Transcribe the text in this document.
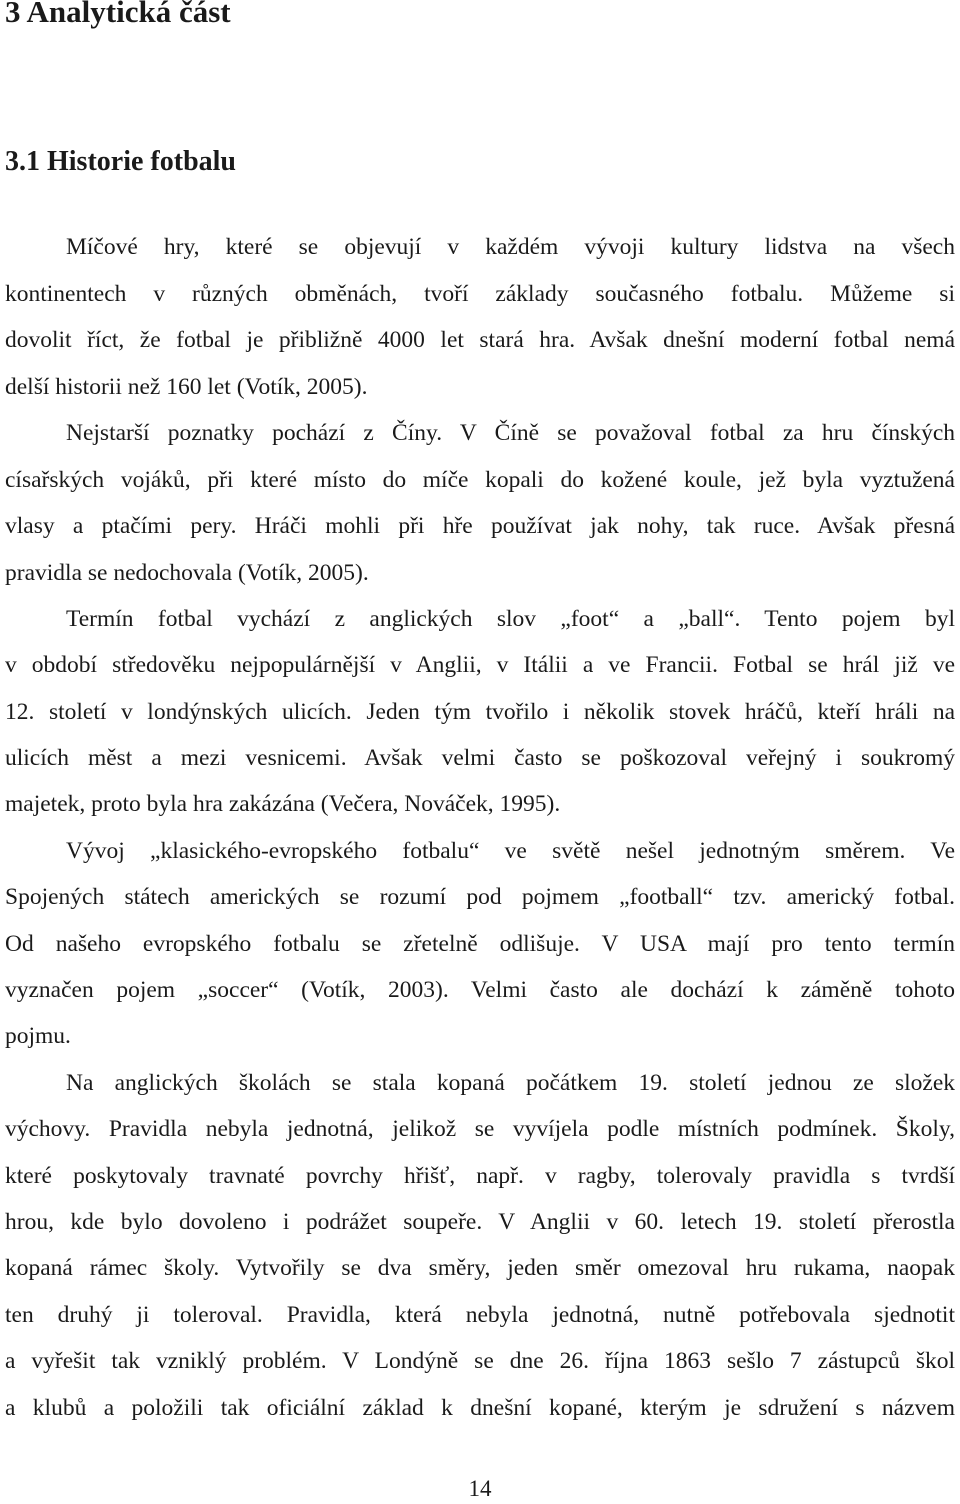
3 Analytická část
3.1 Historie fotbalu

Míčové hry, které se objevují v každém vývoji kultury lidstva na všech

kontinentech v různých obměnách, tvoří základy současného fotbalu. Můžeme si

dovolit říct, že fotbal je přibližně 4000 let stará hra. Avšak dnešní moderní fotbal nemá

delší historii než 160 let (Votík, 2005).

Nejstarší poznatky pochází z Číny. V Číně se považoval fotbal za hru čínských

císařských vojáků, při které místo do míče kopali do kožené koule, jež byla vyztužená

vlasy a ptačími pery. Hráči mohli při hře používat jak nohy, tak ruce. Avšak přesná

pravidla se nedochovala (Votík, 2005).

Termín fotbal vychází z anglických slov „foot“ a „ball“. Tento pojem byl

v období středověku nejpopulárnější v Anglii, v Itálii a ve Francii. Fotbal se hrál již ve

12. století v londýnských ulicích. Jeden tým tvořilo i několik stovek hráčů, kteří hráli na

ulicích měst a mezi vesnicemi. Avšak velmi často se poškozoval veřejný i soukromý

majetek, proto byla hra zakázána (Večera, Nováček, 1995).

Vývoj „klasického-evropského fotbalu“ ve světě nešel jednotným směrem. Ve

Spojených státech amerických se rozumí pod pojmem „football“ tzv. americký fotbal.

Od našeho evropského fotbalu se zřetelně odlišuje. V USA mají pro tento termín

vyznačen pojem „soccer“ (Votík, 2003). Velmi často ale dochází k záměně tohoto

pojmu.

Na anglických školách se stala kopaná počátkem 19. století jednou ze složek

výchovy. Pravidla nebyla jednotná, jelikož se vyvíjela podle místních podmínek. Školy,

které poskytovaly travnaté povrchy hřišť, např. v ragby, tolerovaly pravidla s tvrdší

hrou, kde bylo dovoleno i podrážet soupeře. V Anglii v 60. letech 19. století přerostla

kopaná rámec školy. Vytvořily se dva směry, jeden směr omezoval hru rukama, naopak

ten druhý ji toleroval. Pravidla, která nebyla jednotná, nutně potřebovala sjednotit

a vyřešit tak vzniklý problém. V Londýně se dne 26. října 1863 sešlo 7 zástupců škol

a klubů a položili tak oficiální základ k dnešní kopané, kterým je sdružení s názvem

14
